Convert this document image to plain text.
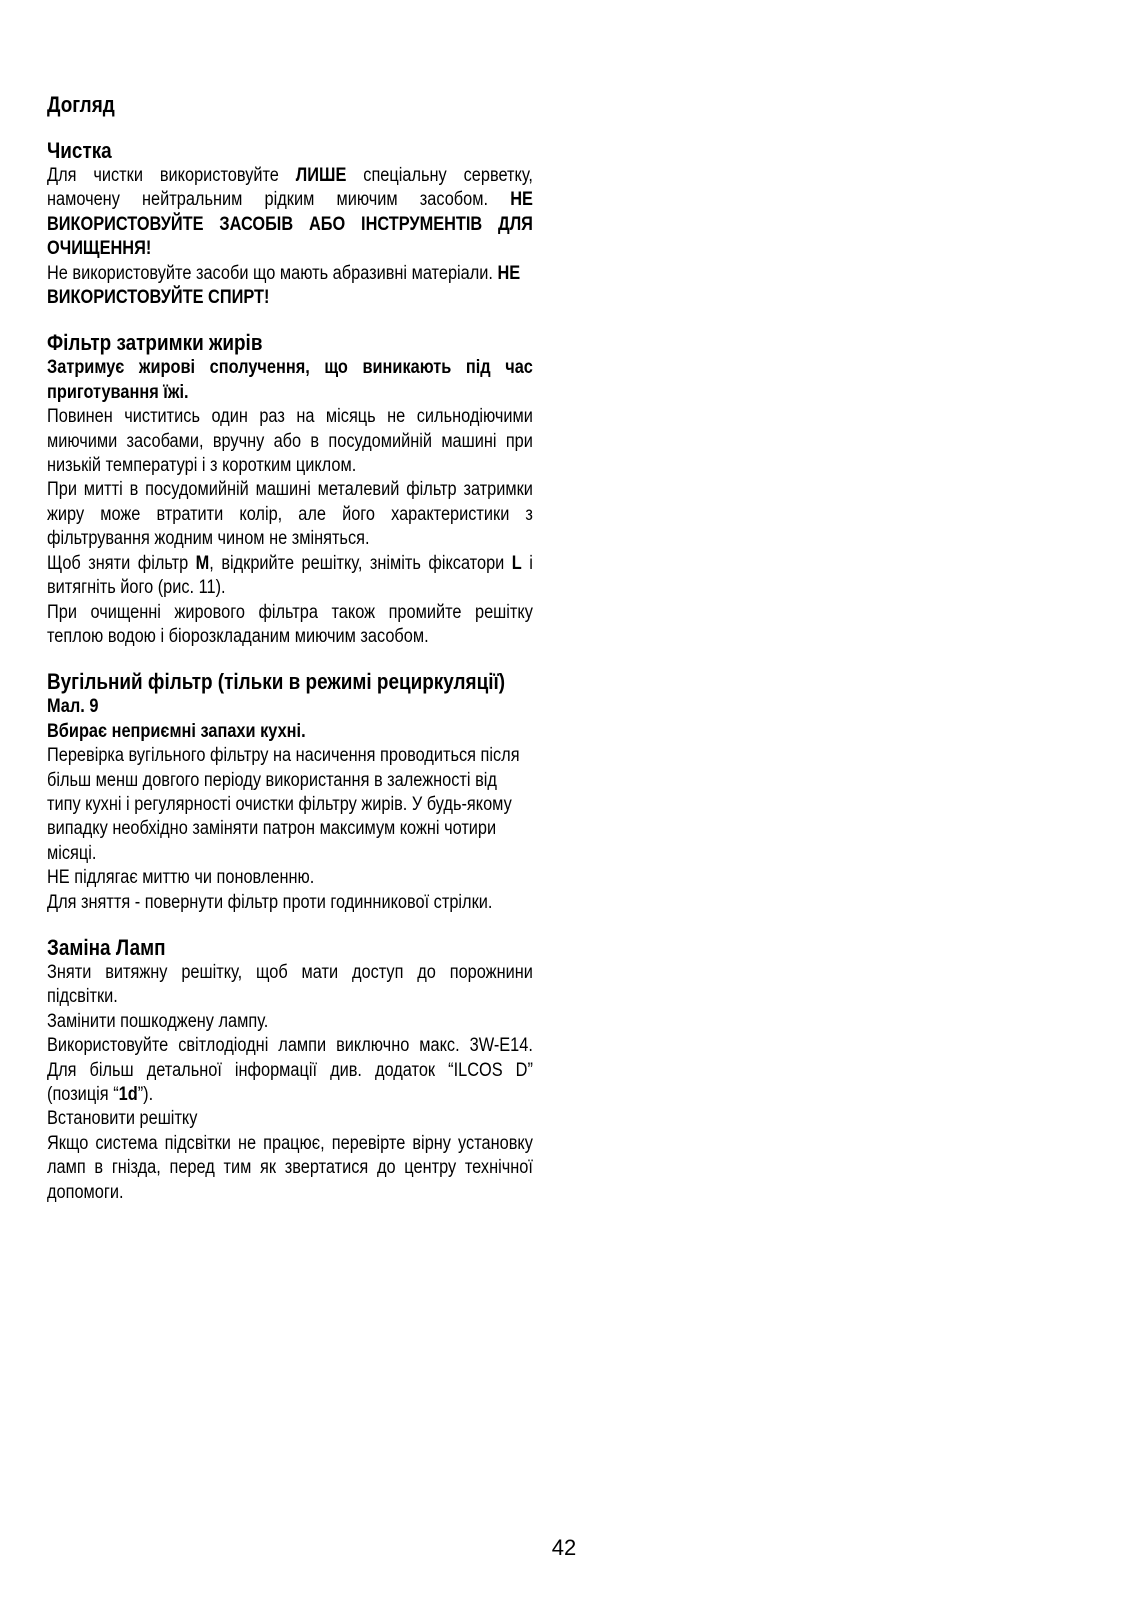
Догляд
Чистка

Для чистки використовуйте ЛИШЕ спеціальну серветку, намочену нейтральним рідким миючим засобом. НЕ ВИКОРИСТОВУЙТЕ ЗАСОБІВ АБО ІНСТРУМЕНТІВ ДЛЯ ОЧИЩЕННЯ!

Не використовуйте засоби що мають абразивні матеріали. НЕ ВИКОРИСТОВУЙТЕ СПИРТ!

Фільтр затримки жирів

Затримує жирові сполучення, що виникають під час приготування їжі.

Повинен чиститись один раз на місяць не сильнодіючими миючими засобами, вручну або в посудомийній машині при низькій температурі і з коротким циклом.

При митті в посудомийній машині металевий фільтр затримки жиру може втратити колір, але його характеристики з фільтрування жодним чином не зміняться.

Щоб зняти фільтр М, відкрийте решітку, зніміть фіксатори L і витягніть його (рис. 11).

При очищенні жирового фільтра також промийте решітку теплою водою і біорозкладаним миючим засобом.

Вугільний фільтр (тільки в режимі рециркуляції)

Мал. 9

Вбирає неприємні запахи кухні.

Перевірка вугільного фільтру на насичення проводиться після більш менш довгого періоду використання в залежності від типу кухні і регулярності очистки фільтру жирів. У будь-якому випадку необхідно заміняти патрон максимум кожні чотири місяці.

НЕ підлягає миттю чи поновленню.

Для зняття - повернути фільтр проти годинникової стрілки.

Заміна Ламп

Зняти витяжну решітку, щоб мати доступ до порожнини підсвітки.

Замінити пошкоджену лампу.

Використовуйте світлодіодні лампи виключно макс. 3W-E14. Для більш детальної інформації див. додаток “ILCOS D” (позиція “1d”).

Встановити решітку

Якщо система підсвітки не працює, перевірте вірну установку ламп в гнізда, перед тим як звертатися до центру технічної допомоги.

42
